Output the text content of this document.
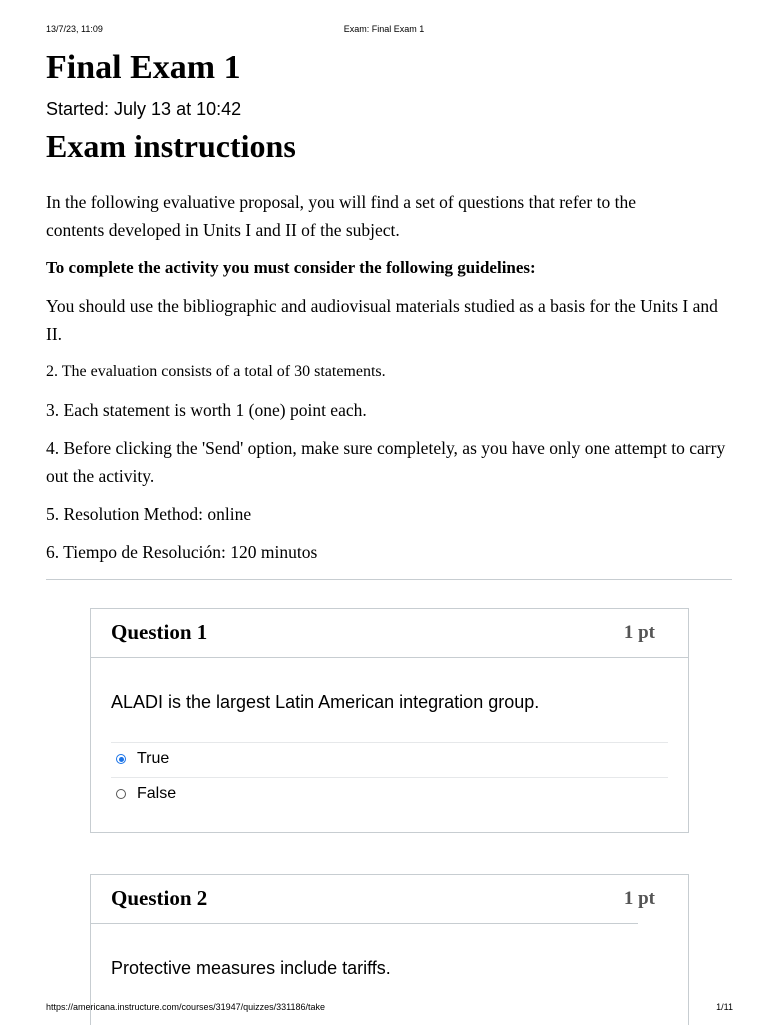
13/7/23, 11:09	Exam: Final Exam 1
Final Exam 1
Started: July 13 at 10:42
Exam instructions

In the following evaluative proposal, you will find a set of questions that refer to the contents developed in Units I and II of the subject.

To complete the activity you must consider the following guidelines:

You should use the bibliographic and audiovisual materials studied as a basis for the Units I and II.

2. The evaluation consists of a total of 30 statements.

3. Each statement is worth 1 (one) point each.

4. Before clicking the 'Send' option, make sure completely, as you have only one attempt to carry out the activity.

5. Resolution Method: online

6. Tiempo de Resolución: 120 minutos

Question 1	1 pt
ALADI is the largest Latin American integration group.
True
False
Question 2	1 pt
Protective measures include tariffs.
https://americana.instructure.com/courses/31947/quizzes/331186/take	1/11
